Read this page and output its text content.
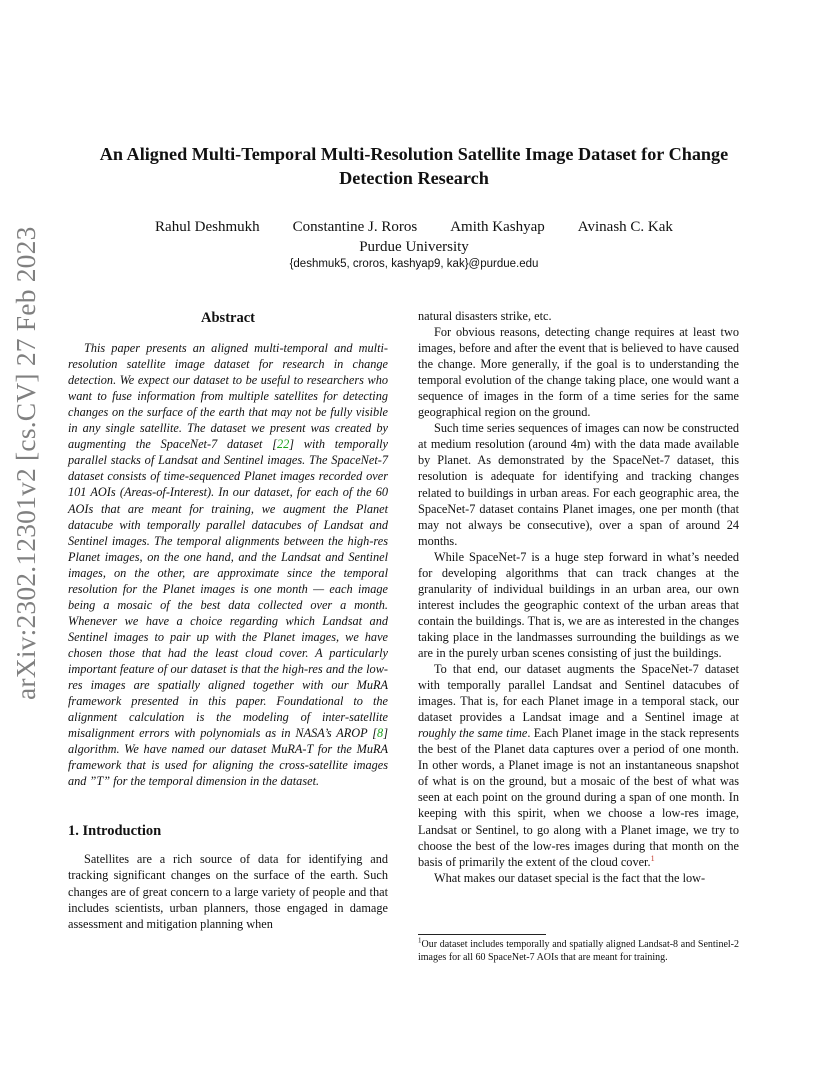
arXiv:2302.12301v2 [cs.CV] 27 Feb 2023
An Aligned Multi-Temporal Multi-Resolution Satellite Image Dataset for Change Detection Research
Rahul Deshmukh Constantine J. Roros Amith Kashyap Avinash C. Kak
Purdue University
{deshmuk5, croros, kashyap9, kak}@purdue.edu
Abstract

This paper presents an aligned multi-temporal and multi-resolution satellite image dataset for research in change detection. We expect our dataset to be useful to researchers who want to fuse information from multiple satellites for detecting changes on the surface of the earth that may not be fully visible in any single satellite. The dataset we present was created by augmenting the SpaceNet-7 dataset [22] with temporally parallel stacks of Landsat and Sentinel images. The SpaceNet-7 dataset consists of time-sequenced Planet images recorded over 101 AOIs (Areas-of-Interest). In our dataset, for each of the 60 AOIs that are meant for training, we augment the Planet datacube with temporally parallel datacubes of Landsat and Sentinel images. The temporal alignments between the high-res Planet images, on the one hand, and the Landsat and Sentinel images, on the other, are approximate since the temporal resolution for the Planet images is one month — each image being a mosaic of the best data collected over a month. Whenever we have a choice regarding which Landsat and Sentinel images to pair up with the Planet images, we have chosen those that had the least cloud cover. A particularly important feature of our dataset is that the high-res and the low-res images are spatially aligned together with our MuRA framework presented in this paper. Foundational to the alignment calculation is the modeling of inter-satellite misalignment errors with polynomials as in NASA’s AROP [8] algorithm. We have named our dataset MuRA-T for the MuRA framework that is used for aligning the cross-satellite images and ”T” for the temporal dimension in the dataset.

1. Introduction

Satellites are a rich source of data for identifying and tracking significant changes on the surface of the earth. Such changes are of great concern to a large variety of people and that includes scientists, urban planners, those engaged in damage assessment and mitigation planning when

natural disasters strike, etc.

For obvious reasons, detecting change requires at least two images, before and after the event that is believed to have caused the change. More generally, if the goal is to understanding the temporal evolution of the change taking place, one would want a sequence of images in the form of a time series for the same geographical region on the ground.

Such time series sequences of images can now be constructed at medium resolution (around 4m) with the data made available by Planet. As demonstrated by the SpaceNet-7 dataset, this resolution is adequate for identifying and tracking changes related to buildings in urban areas. For each geographic area, the SpaceNet-7 dataset contains Planet images, one per month (that may not always be consecutive), over a span of around 24 months.

While SpaceNet-7 is a huge step forward in what’s needed for developing algorithms that can track changes at the granularity of individual buildings in an urban area, our own interest includes the geographic context of the urban areas that contain the buildings. That is, we are as interested in the changes taking place in the landmasses surrounding the buildings as we are in the purely urban scenes consisting of just the buildings.

To that end, our dataset augments the SpaceNet-7 dataset with temporally parallel Landsat and Sentinel datacubes of images. That is, for each Planet image in a temporal stack, our dataset provides a Landsat image and a Sentinel image at roughly the same time. Each Planet image in the stack represents the best of the Planet data captures over a period of one month. In other words, a Planet image is not an instantaneous snapshot of what is on the ground, but a mosaic of the best of what was seen at each point on the ground during a span of one month. In keeping with this spirit, when we choose a low-res image, Landsat or Sentinel, to go along with a Planet image, we try to choose the best of the low-res images during that month on the basis of primarily the extent of the cloud cover.$^1$

What makes our dataset special is the fact that the low-

$^1$Our dataset includes temporally and spatially aligned Landsat-8 and Sentinel-2 images for all 60 SpaceNet-7 AOIs that are meant for training.
